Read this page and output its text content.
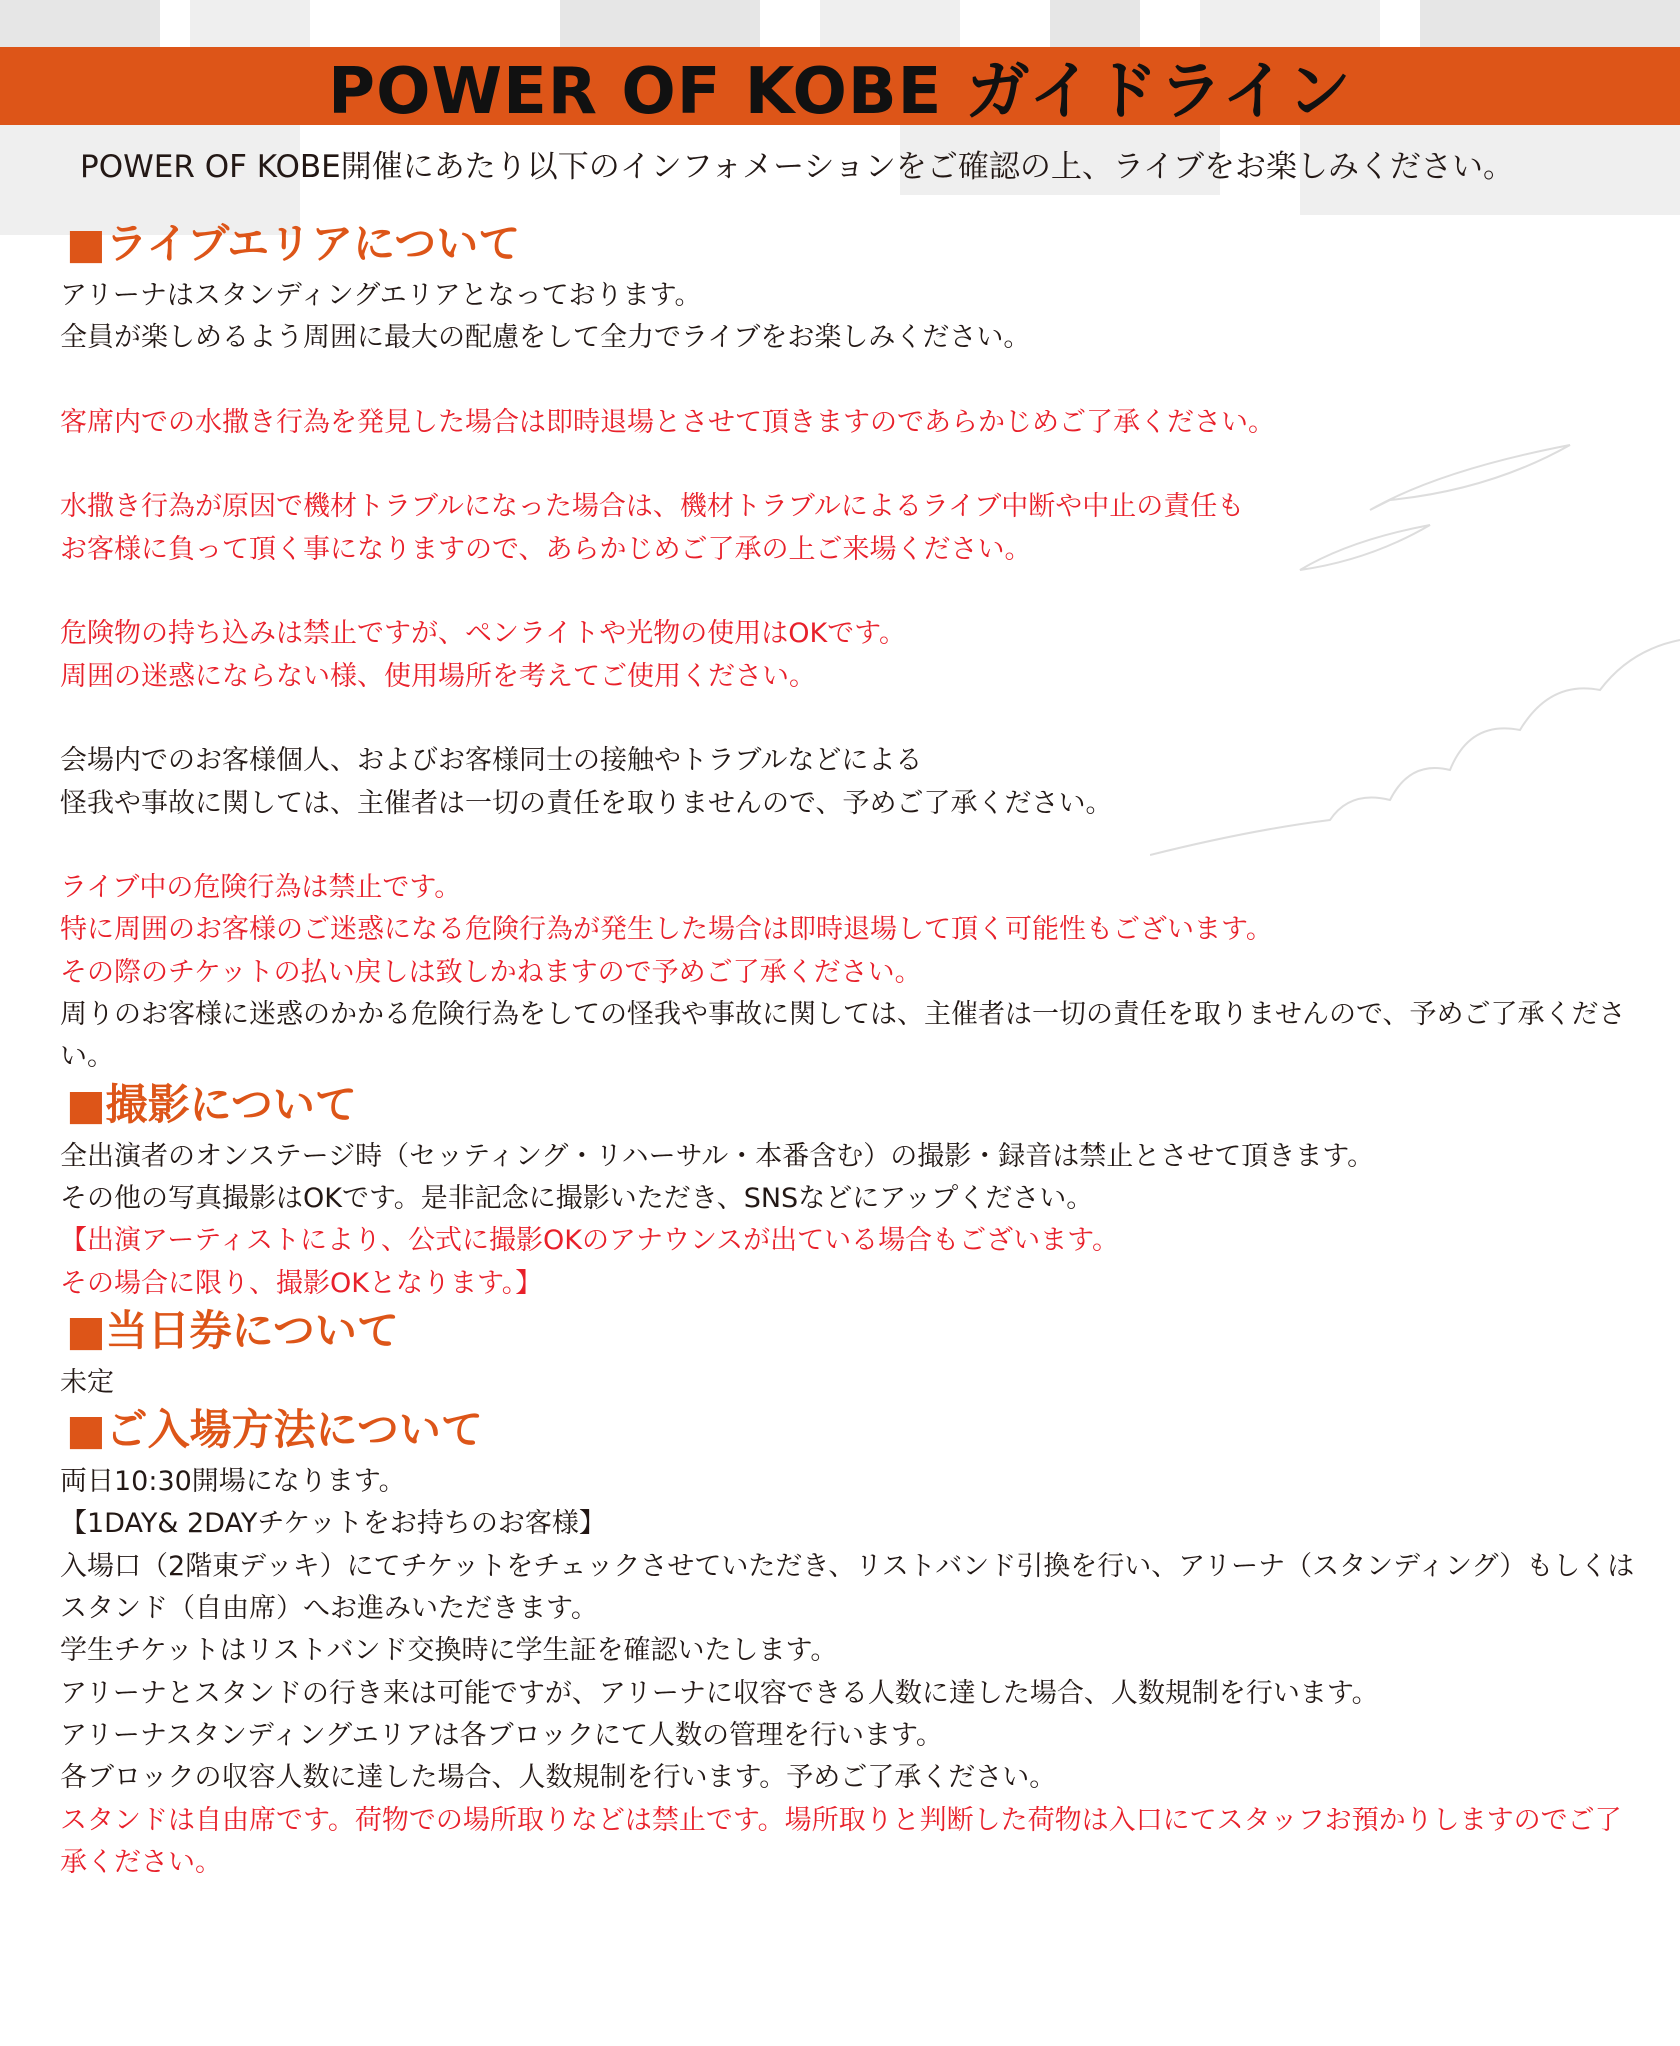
POWER OF KOBE ガイドライン
POWER OF KOBE開催にあたり以下のインフォメーションをご確認の上、ライブをお楽しみください。
■ライブエリアについて
アリーナはスタンディングエリアとなっております。
全員が楽しめるよう周囲に最大の配慮をして全力でライブをお楽しみください。
客席内での水撒き行為を発見した場合は即時退場とさせて頂きますのであらかじめご了承ください。
水撒き行為が原因で機材トラブルになった場合は、機材トラブルによるライブ中断や中止の責任も
お客様に負って頂く事になりますので、あらかじめご了承の上ご来場ください。
危険物の持ち込みは禁止ですが、ペンライトや光物の使用はOKです。
周囲の迷惑にならない様、使用場所を考えてご使用ください。
会場内でのお客様個人、およびお客様同士の接触やトラブルなどによる
怪我や事故に関しては、主催者は一切の責任を取りませんので、予めご了承ください。
ライブ中の危険行為は禁止です。
特に周囲のお客様のご迷惑になる危険行為が発生した場合は即時退場して頂く可能性もございます。
その際のチケットの払い戻しは致しかねますので予めご了承ください。
周りのお客様に迷惑のかかる危険行為をしての怪我や事故に関しては、主催者は一切の責任を取りませんので、予めご了承ください。
■撮影について
全出演者のオンステージ時（セッティング・リハーサル・本番含む）の撮影・録音は禁止とさせて頂きます。
その他の写真撮影はOKです。是非記念に撮影いただき、SNSなどにアップください。
【出演アーティストにより、公式に撮影OKのアナウンスが出ている場合もございます。
その場合に限り、撮影OKとなります。】
■当日券について
未定
■ご入場方法について
両日10:30開場になります。
【1DAY& 2DAYチケットをお持ちのお客様】
入場口（2階東デッキ）にてチケットをチェックさせていただき、リストバンド引換を行い、アリーナ（スタンディング）もしくはスタンド（自由席）へお進みいただきます。
学生チケットはリストバンド交換時に学生証を確認いたします。
アリーナとスタンドの行き来は可能ですが、アリーナに収容できる人数に達した場合、人数規制を行います。
アリーナスタンディングエリアは各ブロックにて人数の管理を行います。
各ブロックの収容人数に達した場合、人数規制を行います。予めご了承ください。
スタンドは自由席です。荷物での場所取りなどは禁止です。場所取りと判断した荷物は入口にてスタッフお預かりしますのでご了承ください。
